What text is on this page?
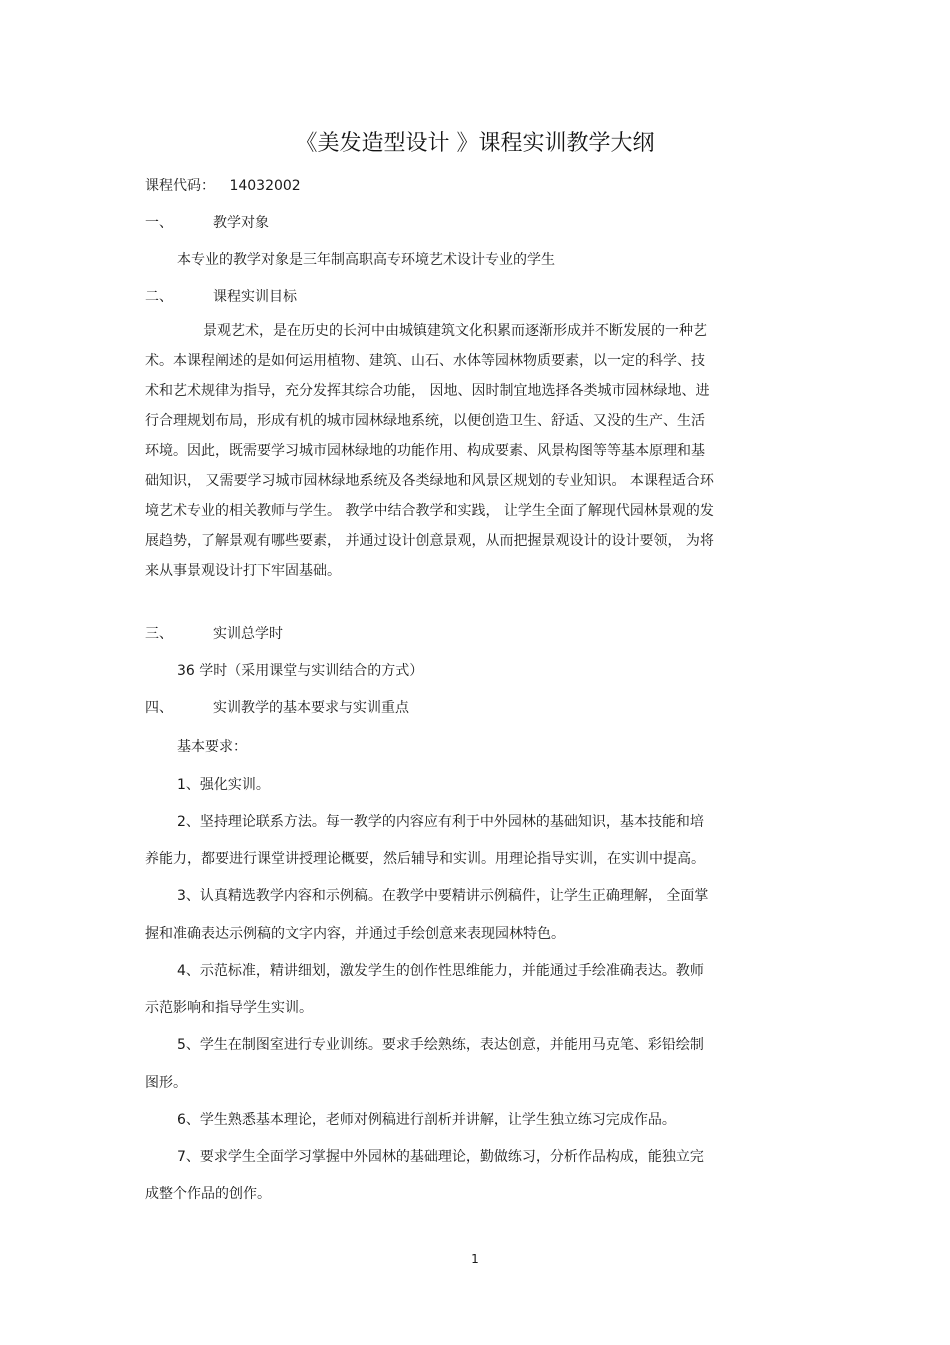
《美发造型设计 》课程实训教学大纲
课程代码： 14032002
一、	教学对象
本专业的教学对象是三年制高职高专环境艺术设计专业的学生
二、	课程实训目标
景观艺术，是在历史的长河中由城镇建筑文化积累而逐渐形成并不断发展的一种艺
术。本课程阐述的是如何运用植物、建筑、山石、水体等园林物质要素，以一定的科学、技
术和艺术规律为指导，充分发挥其综合功能， 因地、因时制宜地选择各类城市园林绿地、进
行合理规划布局，形成有机的城市园林绿地系统，以便创造卫生、舒适、又没的生产、生活
环境。因此，既需要学习城市园林绿地的功能作用、构成要素、风景构图等等基本原理和基
础知识， 又需要学习城市园林绿地系统及各类绿地和风景区规划的专业知识。 本课程适合环
境艺术专业的相关教师与学生。 教学中结合教学和实践， 让学生全面了解现代园林景观的发
展趋势，了解景观有哪些要素， 并通过设计创意景观，从而把握景观设计的设计要领， 为将
来从事景观设计打下牢固基础。
三、	实训总学时
36 学时（采用课堂与实训结合的方式）
四、	实训教学的基本要求与实训重点
基本要求：
1、强化实训。
2、坚持理论联系方法。每一教学的内容应有利于中外园林的基础知识，基本技能和培
养能力，都要进行课堂讲授理论概要，然后辅导和实训。用理论指导实训，在实训中提高。
3、认真精选教学内容和示例稿。在教学中要精讲示例稿件，让学生正确理解， 全面掌
握和准确表达示例稿的文字内容，并通过手绘创意来表现园林特色。
4、示范标准，精讲细划，激发学生的创作性思维能力，并能通过手绘准确表达。教师
示范影响和指导学生实训。
5、学生在制图室进行专业训练。要求手绘熟练，表达创意，并能用马克笔、彩铅绘制
图形。
6、学生熟悉基本理论，老师对例稿进行剖析并讲解，让学生独立练习完成作品。
7、要求学生全面学习掌握中外园林的基础理论，勤做练习，分析作品构成，能独立完
成整个作品的创作。
1
